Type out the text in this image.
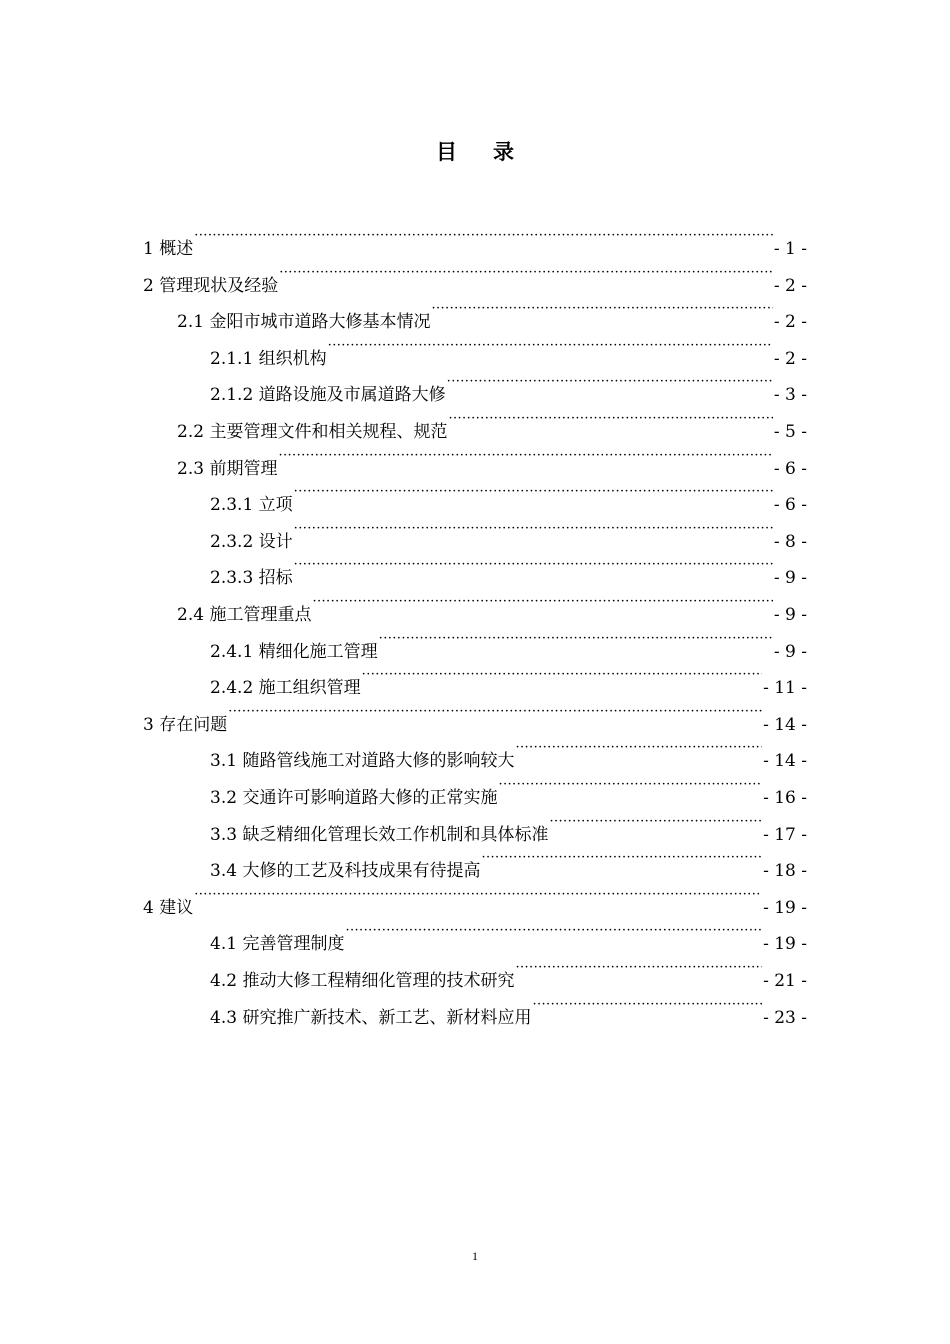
目录
1 概述 ·····	- 1 -
2 管理现状及经验 ·····	- 2 -
2.1 金阳市城市道路大修基本情况 ·····	- 2 -
2.1.1 组织机构 ·····	- 2 -
2.1.2 道路设施及市属道路大修 ·····	- 3 -
2.2 主要管理文件和相关规程、规范 ·····	- 5 -
2.3 前期管理 ·····	- 6 -
2.3.1 立项 ·····	- 6 -
2.3.2 设计 ·····	- 8 -
2.3.3 招标 ·····	- 9 -
2.4 施工管理重点 ·····	- 9 -
2.4.1 精细化施工管理 ·····	- 9 -
2.4.2 施工组织管理 ·····	- 11 -
3 存在问题 ·····	- 14 -
3.1 随路管线施工对道路大修的影响较大 ·····	- 14 -
3.2 交通许可影响道路大修的正常实施 ·····	- 16 -
3.3 缺乏精细化管理长效工作机制和具体标准 ·····	- 17 -
3.4 大修的工艺及科技成果有待提高 ·····	- 18 -
4 建议 ·····	- 19 -
4.1 完善管理制度 ·····	- 19 -
4.2 推动大修工程精细化管理的技术研究 ·····	- 21 -
4.3 研究推广新技术、新工艺、新材料应用 ·····	- 23 -
1
